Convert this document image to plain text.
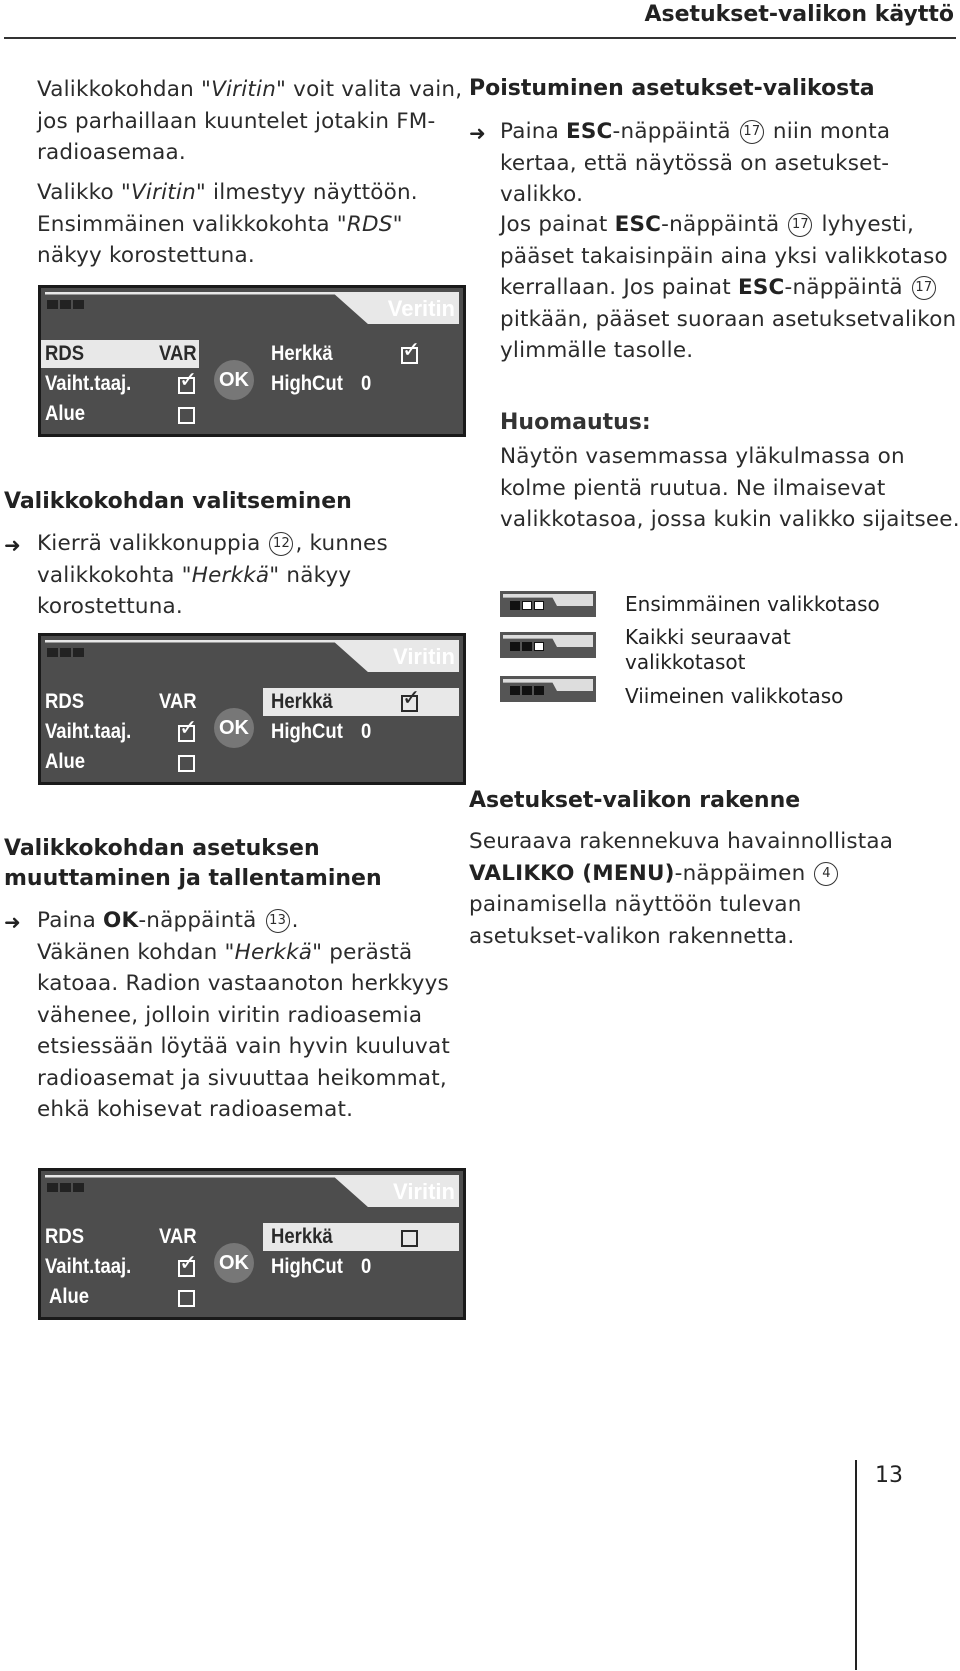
Asetukset-valikon käyttö

Valikkokohdan "Viritin" voit valita vain, jos parhaillaan kuuntelet jotakin FM-radioasemaa.

Valikko "Viritin" ilmestyy näyttöön. Ensimmäinen valikkokohta "RDS" näkyy korostettuna.

Veritin
RDS	VAR
Vaiht.taaj.
Alue
✓ OK
Herkkä
HighCut 0
✓
Valikkokohdan valitseminen
➜ Kierrä valikkonuppia 12 , kunnes valikkokohta "Herkkä" näkyy korostettuna.

Viritin
RDS	VAR
Vaiht.taaj.
Alue
✓ OK
Herkkä
HighCut 0
✓
Valikkokohdan asetuksen
muuttaminen ja tallentaminen
➜ Paina OK-näppäintä 13 .

Väkänen kohdan "Herkkä" perästä katoaa. Radion vastaanoton herkkyys vähenee, jolloin viritin radioasemia etsiessään löytää vain hyvin kuuluvat radioasemat ja sivuuttaa heikommat, ehkä kohisevat radioasemat.

Viritin
RDS	VAR
Vaiht.taaj.
Alue
✓ OK
Herkkä
HighCut 0
Poistuminen asetukset-valikosta
➜ Paina ESC-näppäintä 17 niin monta kertaa, että näytössä on asetukset-valikko.

Jos painat ESC-näppäintä 17 lyhyesti, pääset takaisinpäin aina yksi valikkotaso kerrallaan. Jos painat ESC-näppäintä 17 pitkään, pääset suoraan asetuksetvalikon ylimmälle tasolle.

Huomautus:
Näytön vasemmassa yläkulmassa on kolme pientä ruutua. Ne ilmaisevat valikkotasoa, jossa kukin valikko sijaitsee.
Ensimmäinen valikkotaso
Kaikki seuraavat valikkotasot
Viimeinen valikkotaso
Asetukset-valikon rakenne

Seuraava rakennekuva havainnollistaa VALIKKO (MENU)-näppäimen 4 painamisella näyttöön tulevan asetukset-valikon rakennetta.

13
